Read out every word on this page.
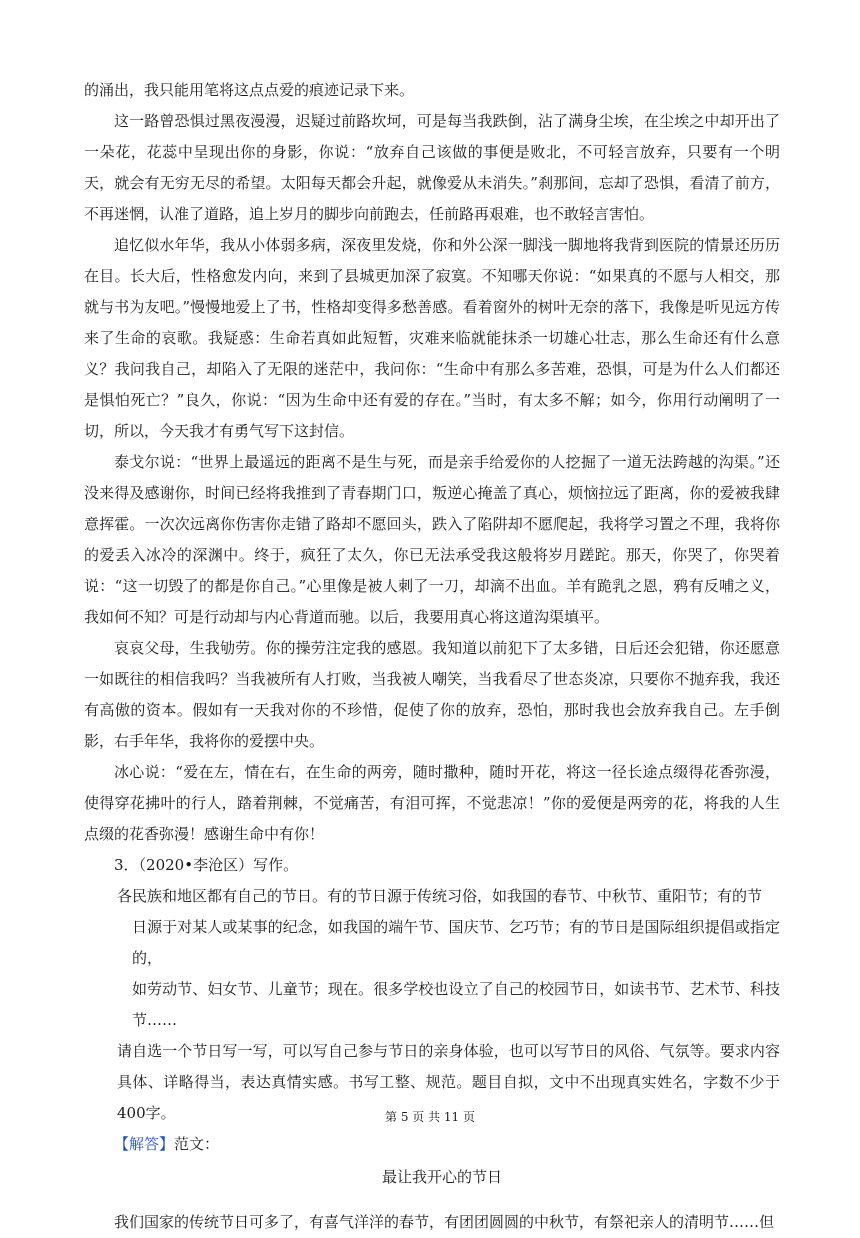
的涌出，我只能用笔将这点点爱的痕迹记录下来。

这一路曾恐惧过黑夜漫漫，迟疑过前路坎坷，可是每当我跌倒，沾了满身尘埃，在尘埃之中却开出了一朵花，花蕊中呈现出你的身影，你说：“放弃自己该做的事便是败北，不可轻言放弃，只要有一个明天，就会有无穷无尽的希望。太阳每天都会升起，就像爱从未消失。”刹那间，忘却了恐惧，看清了前方，不再迷惘，认准了道路，追上岁月的脚步向前跑去，任前路再艰难，也不敢轻言害怕。

追忆似水年华，我从小体弱多病，深夜里发烧，你和外公深一脚浅一脚地将我背到医院的情景还历历在目。长大后，性格愈发内向，来到了县城更加深了寂寞。不知哪天你说：“如果真的不愿与人相交，那就与书为友吧。”慢慢地爱上了书，性格却变得多愁善感。看着窗外的树叶无奈的落下，我像是听见远方传来了生命的哀歌。我疑惑：生命若真如此短暂，灾难来临就能抹杀一切雄心壮志，那么生命还有什么意义？我问我自己，却陷入了无限的迷茫中，我问你：“生命中有那么多苦难，恐惧，可是为什么人们都还是惧怕死亡？”良久，你说：“因为生命中还有爱的存在。”当时，有太多不解；如今，你用行动阐明了一切，所以，今天我才有勇气写下这封信。

泰戈尔说：“世界上最遥远的距离不是生与死，而是亲手给爱你的人挖掘了一道无法跨越的沟渠。”还没来得及感谢你，时间已经将我推到了青春期门口，叛逆心掩盖了真心，烦恼拉远了距离，你的爱被我肆意挥霍。一次次远离你伤害你走错了路却不愿回头，跌入了陷阱却不愿爬起，我将学习置之不理，我将你的爱丢入冰冷的深渊中。终于，疯狂了太久，你已无法承受我这般将岁月蹉跎。那天，你哭了，你哭着说：“这一切毁了的都是你自己。”心里像是被人刺了一刀，却滴不出血。羊有跪乳之恩，鸦有反哺之义，我如何不知？可是行动却与内心背道而驰。以后，我要用真心将这道沟渠填平。

哀哀父母，生我劬劳。你的操劳注定我的感恩。我知道以前犯下了太多错，日后还会犯错，你还愿意一如既往的相信我吗？当我被所有人打败，当我被人嘲笑，当我看尽了世态炎凉，只要你不抛弃我，我还有高傲的资本。假如有一天我对你的不珍惜，促使了你的放弃，恐怕，那时我也会放弃我自己。左手倒影，右手年华，我将你的爱摆中央。

冰心说：“爱在左，情在右，在生命的两旁，随时撒种，随时开花，将这一径长途点缀得花香弥漫，使得穿花拂叶的行人，踏着荆棘，不觉痛苦，有泪可挥，不觉悲凉！”你的爱便是两旁的花，将我的人生点缀的花香弥漫！感谢生命中有你！

3．（2020•李沧区）写作。

各民族和地区都有自己的节日。有的节日源于传统习俗，如我国的春节、中秋节、重阳节；有的节
日源于对某人或某事的纪念，如我国的端午节、国庆节、乞巧节；有的节日是国际组织提倡或指定的，
如劳动节、妇女节、儿童节；现在。很多学校也设立了自己的校园节日，如读书节、艺术节、科技节……

请自选一个节日写一写，可以写自己参与节日的亲身体验，也可以写节日的风俗、气氛等。要求内容具体、详略得当，表达真情实感。书写工整、规范。题目自拟，文中不出现真实姓名，字数不少于400字。

【解答】范文：

最让我开心的节日

我们国家的传统节日可多了，有喜气洋洋的春节，有团团圆圆的中秋节，有祭祀亲人的清明节……但

第 5 页 共 11 页
